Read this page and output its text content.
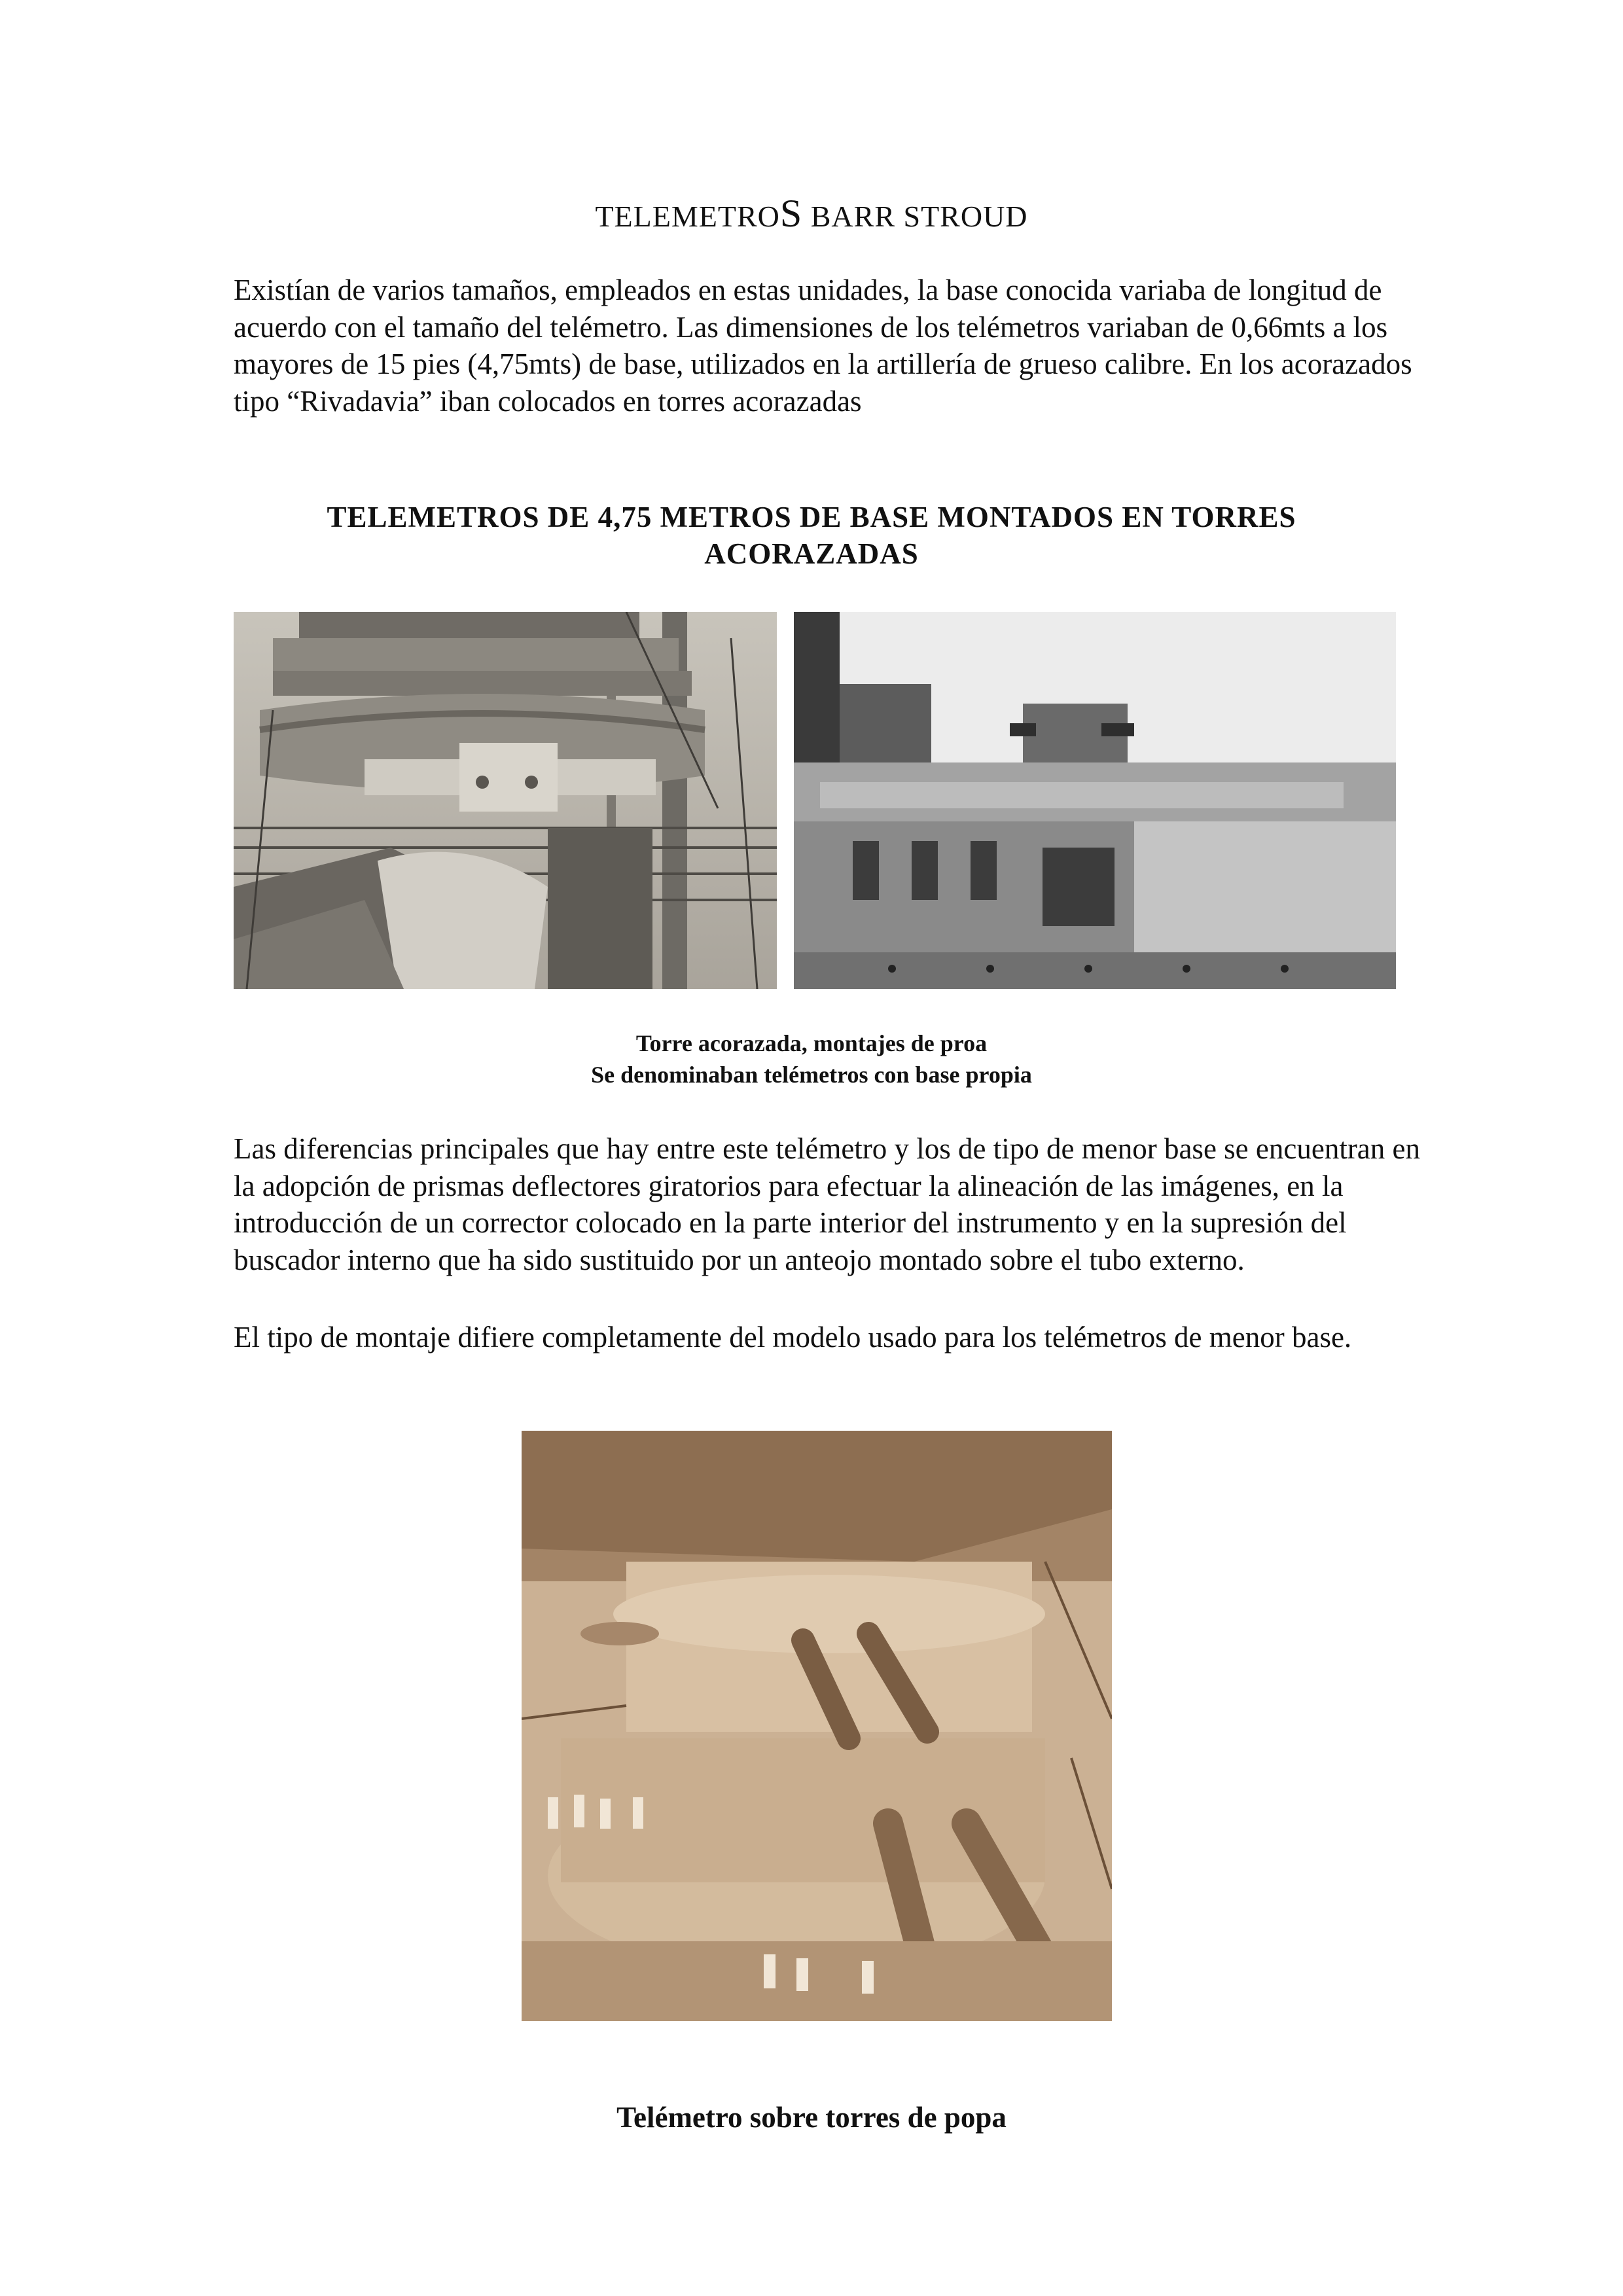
TELEMETROS BARR STROUD

Existían de varios tamaños, empleados en estas unidades, la base conocida variaba de longitud de acuerdo con el tamaño del telémetro. Las dimensiones de los telémetros variaban de 0,66mts a los mayores de 15 pies (4,75mts) de base, utilizados en la artillería de grueso calibre. En los acorazados tipo “Rivadavia” iban colocados en torres acorazadas

TELEMETROS DE 4,75 METROS DE BASE MONTADOS EN TORRES ACORAZADAS
Torre acorazada, montajes de proa
Se denominaban telémetros con base propia

Las diferencias principales que hay entre este telémetro y los de tipo de menor base se encuentran en la adopción de prismas deflectores giratorios para efectuar la alineación de las imágenes, en la introducción de un corrector colocado en la parte interior del instrumento y en la supresión del buscador interno que ha sido sustituido por un anteojo montado sobre el tubo externo.

El tipo de montaje difiere completamente del modelo usado para los telémetros de menor base.

Telémetro sobre torres de popa
